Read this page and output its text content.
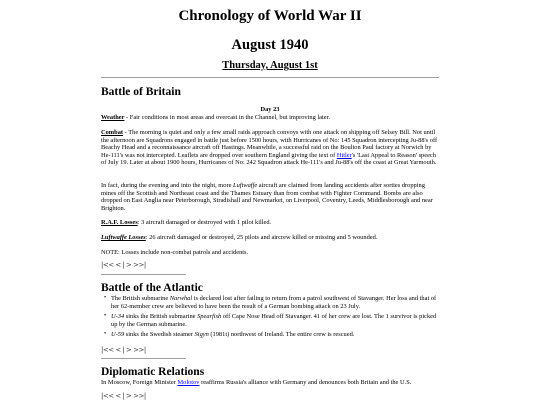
Chronology of World War II
August 1940
Thursday, August 1st
Battle of Britain

Day 23

Weather - Fair conditions in most areas and overcast in the Channel, but improving later.

Combat - The morning is quiet and only a few small raids approach convoys with one attack on shipping off Selsey Bill. Not until the afternoon are Squadrons engaged in battle just before 1500 hours, with Hurricanes of No: 145 Squadron intercepting Ju-88's off Beachy Head and a reconnaissance aircraft off Hastings. Meanwhile, a successful raid on the Boulton Paul factory at Norwich by He-111's was not intercepted. Leaflets are dropped over southern England giving the text of Hitler's 'Last Appeal to Reason' speech of July 19. Later at about 1900 hours, Hurricanes of No: 242 Squadron attack He-111's and Ju-88's off the coast at Great Yarmouth.

In fact, during the evening and into the night, more Luftwaffe aircraft are claimed from landing accidents after sorties dropping mines off the Scottish and Northeast coast and the Thames Estuary than from combat with Fighter Command. Bombs are also dropped on East Anglia near Peterborough, Stradishall and Newmarket, on Liverpool, Coventry, Leeds, Middlesborough and near Brighton.

R.A.F. Losses: 3 aircraft damaged or destroyed with 1 pilot killed.

Luftwaffe Losses: 26 aircraft damaged or destroyed, 25 pilots and aircrew killed or missing and 5 wounded.

NOTE: Losses include non-combat patrols and accidents.

|<< < | > >>|
Battle of the Atlantic
• The British submarine Narwhal is declared lost after failing to return from a patrol southwest of Stavanger. Her loss and that of her 62-member crew are believed to have been the result of a German bombing attack on 23 July.
• U-34 sinks the British submarine Spearfish off Cape Nose Head off Stavanger. 41 of her crew are lost. The 1 survivor is picked up by the German submarine.
• U-59 sinks the Swedish steamer Sigyn (1981t) northwest of Ireland. The entire crew is rescued.
|<< < | > >>|
Diplomatic Relations

In Moscow, Foreign Minister Molotov reaffirms Russia's alliance with Germany and denounces both Britain and the U.S.

|<< < | > >>|
